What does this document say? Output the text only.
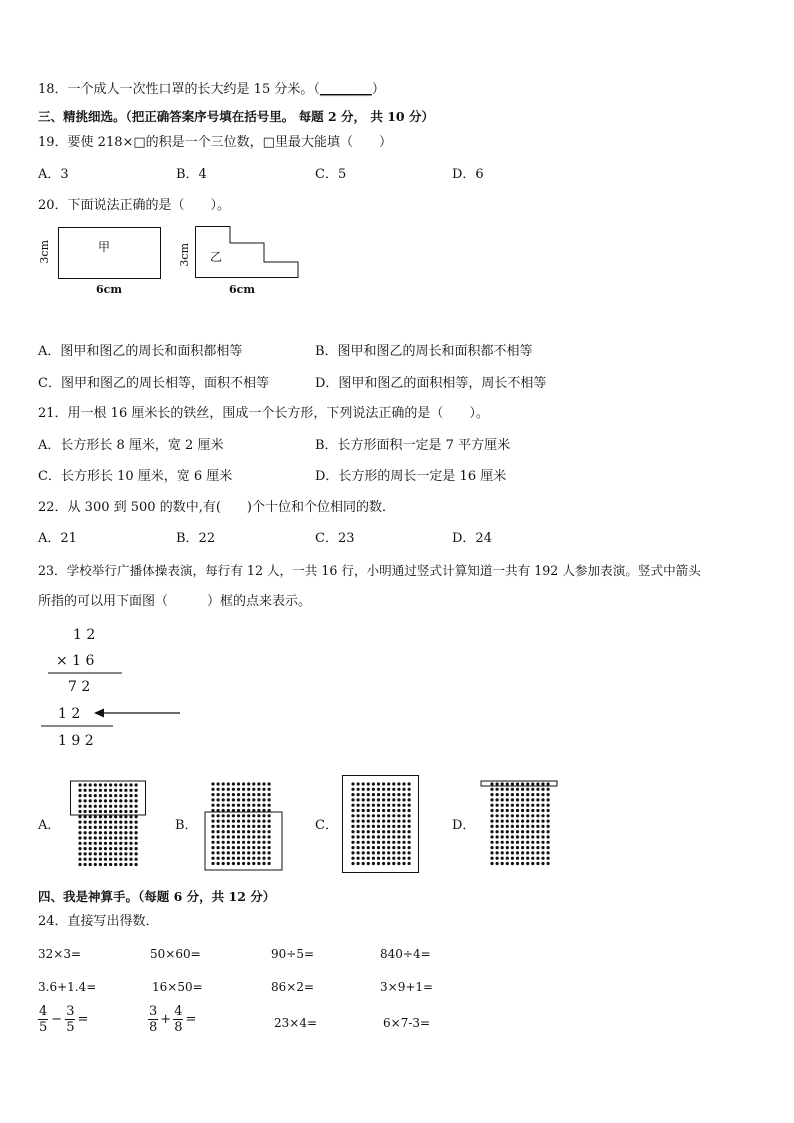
18．一个成人一次性口罩的长大约是 15 分米。（________）
三、精挑细选。（把正确答案序号填在括号里。 每题 2 分， 共 10 分）
19．要使 218×□的积是一个三位数，□里最大能填（　　）
A．3	B．4	C．5	D．6
20．下面说法正确的是（　　）。
甲
3cm
6cm
乙
3cm
6cm
A．图甲和图乙的周长和面积都相等	B．图甲和图乙的周长和面积都不相等
C．图甲和图乙的周长相等，面积不相等	D．图甲和图乙的面积相等，周长不相等
21．用一根 16 厘米长的铁丝，围成一个长方形，下列说法正确的是（　　）。
A．长方形长 8 厘米，宽 2 厘米	B．长方形面积一定是 7 平方厘米
C．长方形长 10 厘米，宽 6 厘米	D．长方形的周长一定是 16 厘米
22．从 300 到 500 的数中,有(　　)个十位和个位相同的数．
A．21	B．22	C．23	D．24
23．学校举行广播体操表演，每行有 12 人，一共 16 行，小明通过竖式计算知道一共有 192 人参加表演。竖式中箭头
所指的可以用下面图（　　　）框的点来表示。
1 2
× 1 6
7 2
1 2
1 9 2
A．	B．	C．	D．
四、我是神算手。（每题 6 分，共 12 分）
24．直接写出得数．
32×3=	50×60=	90÷5=	840÷4=
3.6+1.4=	16×50=	86×2=	3×9+1=
$\frac{4}{5} - \frac{3}{5}$ =	$\frac{3}{8} + \frac{4}{8}$ =	23×4=	6×7-3=
